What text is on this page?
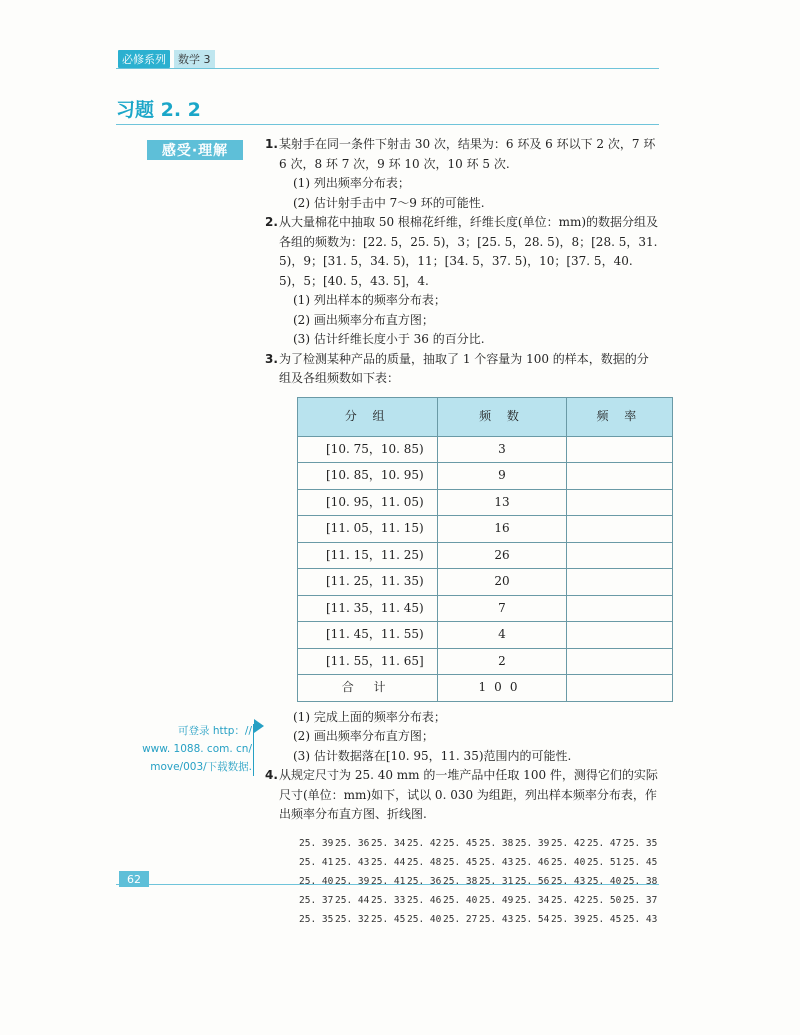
必修系列	数学 3
习题 2. 2
感受·理解	1. 某射手在同一条件下射击 30 次，结果为：6 环及 6 环以下 2 次，7 环 6 次，8 环 7 次，9 环 10 次，10 环 5 次.
(1) 列出频率分布表；
(2) 估计射手击中 7～9 环的可能性.
2. 从大量棉花中抽取 50 根棉花纤维，纤维长度(单位：mm)的数据分组及各组的频数为：[22. 5，25. 5)，3；[25. 5，28. 5)，8；[28. 5，31. 5)，9；[31. 5，34. 5)，11；[34. 5，37. 5)，10；[37. 5，40. 5)，5；[40. 5，43. 5]，4.
(1) 列出样本的频率分布表；
(2) 画出频率分布直方图；
(3) 估计纤维长度小于 36 的百分比.
3. 为了检测某种产品的质量，抽取了 1 个容量为 100 的样本，数据的分组及各组频数如下表：
分 组	频 数	频 率
[10. 75，10. 85)	3	
[10. 85，10. 95)	9	
[10. 95，11. 05)	13	
[11. 05，11. 15)	16	
[11. 15，11. 25)	26	
[11. 25，11. 35)	20	
[11. 35，11. 45)	7	
[11. 45，11. 55)	4	
[11. 55，11. 65]	2	
合 计	100	
(1) 完成上面的频率分布表；
(2) 画出频率分布直方图；
(3) 估计数据落在[10. 95，11. 35)范围内的可能性.
4. 从规定尺寸为 25. 40 mm 的一堆产品中任取 100 件，测得它们的实际尺寸(单位：mm)如下，试以 0. 030 为组距，列出样本频率分布表，作出频率分布直方图、折线图.
25. 39 25. 36 25. 34 25. 42 25. 45 25. 38 25. 39 25. 42 25. 47 25. 35
25. 41 25. 43 25. 44 25. 48 25. 45 25. 43 25. 46 25. 40 25. 51 25. 45
25. 40 25. 39 25. 41 25. 36 25. 38 25. 31 25. 56 25. 43 25. 40 25. 38
25. 37 25. 44 25. 33 25. 46 25. 40 25. 49 25. 34 25. 42 25. 50 25. 37
25. 35 25. 32 25. 45 25. 40 25. 27 25. 43 25. 54 25. 39 25. 45 25. 43
可登录 http：//
www. 1088. com. cn/
move/003/下载数据.
62
